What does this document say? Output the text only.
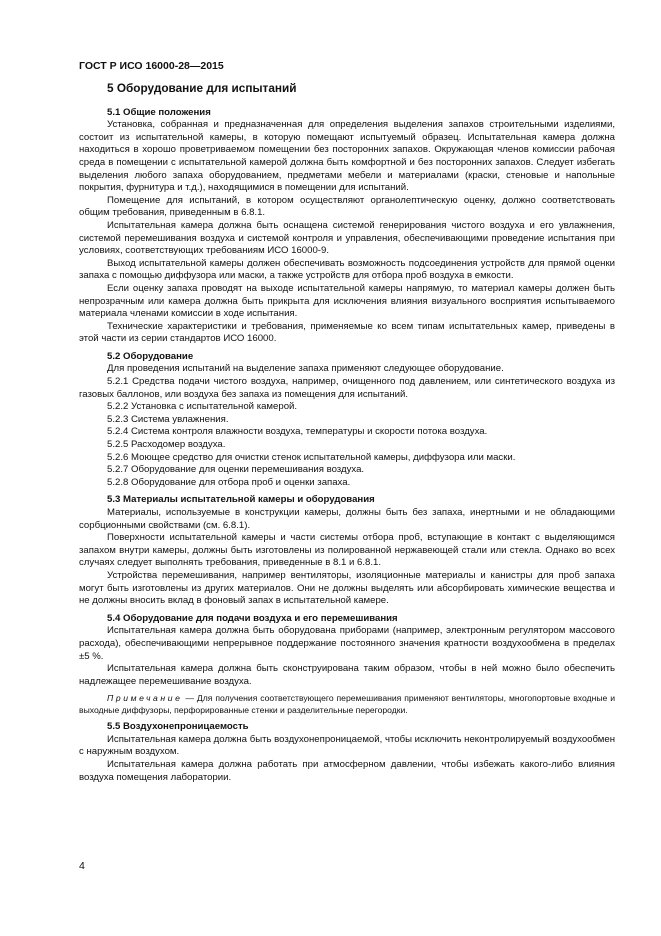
ГОСТ Р ИСО 16000-28—2015
5 Оборудование для испытаний
5.1 Общие положения

Установка, собранная и предназначенная для определения выделения запахов строительными изделиями, состоит из испытательной камеры, в которую помещают испытуемый образец. Испытательная камера должна находиться в хорошо проветриваемом помещении без посторонних запахов. Окружающая членов комиссии рабочая среда в помещении с испытательной камерой должна быть комфортной и без посторонних запахов. Следует избегать выделения любого запаха оборудованием, предметами мебели и материалами (краски, стеновые и напольные покрытия, фурнитура и т.д.), находящимися в помещении для испытаний.

Помещение для испытаний, в котором осуществляют органолептическую оценку, должно соответствовать общим требования, приведенным в 6.8.1.

Испытательная камера должна быть оснащена системой генерирования чистого воздуха и его увлажнения, системой перемешивания воздуха и системой контроля и управления, обеспечивающими проведение испытания при условиях, соответствующих требованиям ИСО 16000-9.

Выход испытательной камеры должен обеспечивать возможность подсоединения устройств для прямой оценки запаха с помощью диффузора или маски, а также устройств для отбора проб воздуха в емкости.

Если оценку запаха проводят на выходе испытательной камеры напрямую, то материал камеры должен быть непрозрачным или камера должна быть прикрыта для исключения влияния визуального восприятия испытываемого материала членами комиссии в ходе испытания.

Технические характеристики и требования, применяемые ко всем типам испытательных камер, приведены в этой части из серии стандартов ИСО 16000.

5.2 Оборудование

Для проведения испытаний на выделение запаха применяют следующее оборудование.

5.2.1 Средства подачи чистого воздуха, например, очищенного под давлением, или синтетического воздуха из газовых баллонов, или воздуха без запаха из помещения для испытаний.

5.2.2 Установка с испытательной камерой.

5.2.3 Система увлажнения.

5.2.4 Система контроля влажности воздуха, температуры и скорости потока воздуха.

5.2.5 Расходомер воздуха.

5.2.6 Моющее средство для очистки стенок испытательной камеры, диффузора или маски.

5.2.7 Оборудование для оценки перемешивания воздуха.

5.2.8 Оборудование для отбора проб и оценки запаха.

5.3 Материалы испытательной камеры и оборудования

Материалы, используемые в конструкции камеры, должны быть без запаха, инертными и не обладающими сорбционными свойствами (см. 6.8.1).

Поверхности испытательной камеры и части системы отбора проб, вступающие в контакт с выделяющимся запахом внутри камеры, должны быть изготовлены из полированной нержавеющей стали или стекла. Однако во всех случаях следует выполнять требования, приведенные в 8.1 и 6.8.1.

Устройства перемешивания, например вентиляторы, изоляционные материалы и канистры для проб запаха могут быть изготовлены из других материалов. Они не должны выделять или абсорбировать химические вещества и не должны вносить вклад в фоновый запах в испытательной камере.

5.4 Оборудование для подачи воздуха и его перемешивания

Испытательная камера должна быть оборудована приборами (например, электронным регулятором массового расхода), обеспечивающими непрерывное поддержание постоянного значения кратности воздухообмена в пределах ±5 %.

Испытательная камера должна быть сконструирована таким образом, чтобы в ней можно было обеспечить надлежащее перемешивание воздуха.

Примечание — Для получения соответствующего перемешивания применяют вентиляторы, многопортовые входные и выходные диффузоры, перфорированные стенки и разделительные перегородки.

5.5 Воздухонепроницаемость

Испытательная камера должна быть воздухонепроницаемой, чтобы исключить неконтролируемый воздухообмен с наружным воздухом.

Испытательная камера должна работать при атмосферном давлении, чтобы избежать какого-либо влияния воздуха помещения лаборатории.

4
